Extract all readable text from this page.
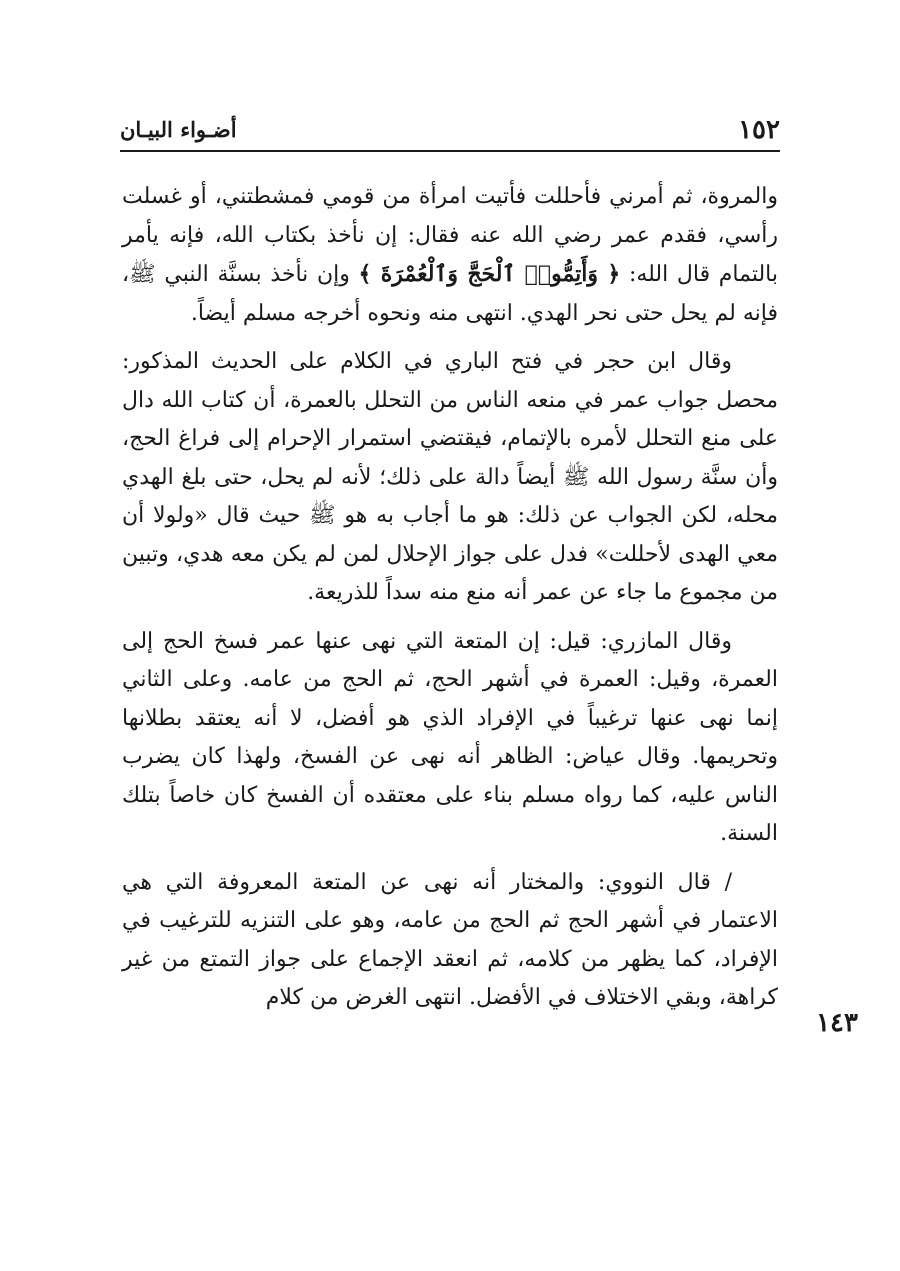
١٥٢
أضـواء البيـان
١٤٣

والمروة، ثم أمرني فأحللت فأتيت امرأة من قومي فمشطتني، أو غسلت رأسي، فقدم عمر رضي الله عنه فقال: إن نأخذ بكتاب الله، فإنه يأمر بالتمام قال الله: ﴿ وَأَتِمُّوا۟ ٱلْحَجَّ وَٱلْعُمْرَةَ ﴾ وإن نأخذ بسنَّة النبي ﷺ، فإنه لم يحل حتى نحر الهدي. انتهى منه ونحوه أخرجه مسلم أيضاً.

وقال ابن حجر في فتح الباري في الكلام على الحديث المذكور: محصل جواب عمر في منعه الناس من التحلل بالعمرة، أن كتاب الله دال على منع التحلل لأمره بالإتمام، فيقتضي استمرار الإحرام إلى فراغ الحج، وأن سنَّة رسول الله ﷺ أيضاً دالة على ذلك؛ لأنه لم يحل، حتى بلغ الهدي محله، لكن الجواب عن ذلك: هو ما أجاب به هو ﷺ حيث قال «ولولا أن معي الهدى لأحللت» فدل على جواز الإحلال لمن لم يكن معه هدي، وتبين من مجموع ما جاء عن عمر أنه منع منه سداً للذريعة.

وقال المازري: قيل: إن المتعة التي نهى عنها عمر فسخ الحج إلى العمرة، وقيل: العمرة في أشهر الحج، ثم الحج من عامه. وعلى الثاني إنما نهى عنها ترغيباً في الإفراد الذي هو أفضل، لا أنه يعتقد بطلانها وتحريمها. وقال عياض: الظاهر أنه نهى عن الفسخ، ولهذا كان يضرب الناس عليه، كما رواه مسلم بناء على معتقده أن الفسخ كان خاصاً بتلك السنة.

/ قال النووي: والمختار أنه نهى عن المتعة المعروفة التي هي الاعتمار في أشهر الحج ثم الحج من عامه، وهو على التنزيه للترغيب في الإفراد، كما يظهر من كلامه، ثم انعقد الإجماع على جواز التمتع من غير كراهة، وبقي الاختلاف في الأفضل. انتهى الغرض من كلام
